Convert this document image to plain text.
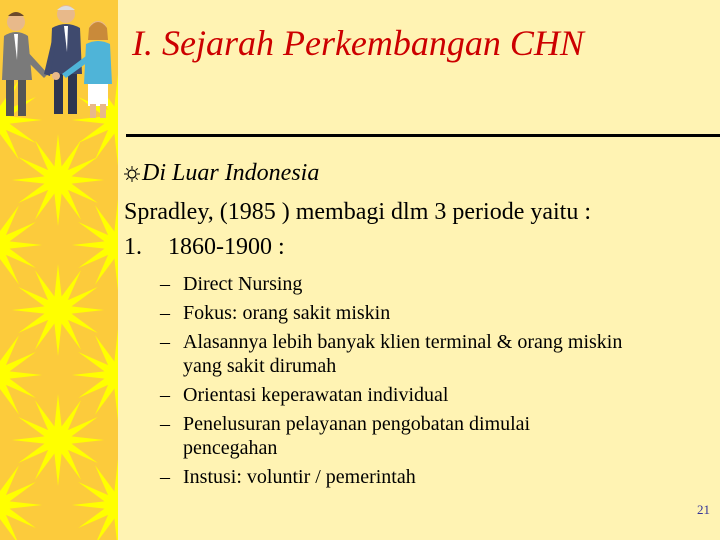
I. Sejarah Perkembangan CHN
Di Luar Indonesia
Spradley, (1985 ) membagi dlm 3 periode yaitu :
1. 1860-1900 :
– Direct Nursing
– Fokus: orang sakit miskin
– Alasannya lebih banyak klien terminal & orang miskin
yang sakit dirumah
– Orientasi keperawatan individual
– Penelusuran pelayanan pengobatan dimulai
pencegahan
– Instusi: voluntir / pemerintah
21
